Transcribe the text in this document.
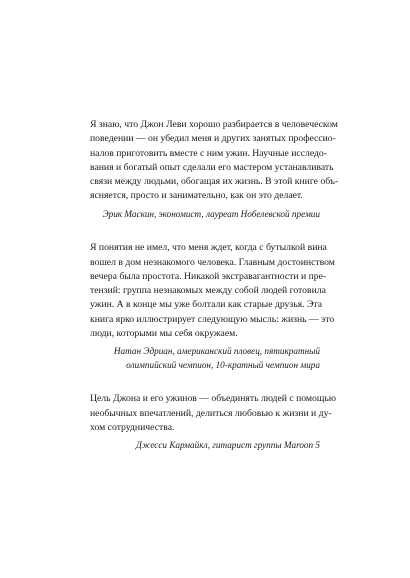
Я знаю, что Джон Леви хорошо разбирается в человеческом
поведении — он убедил меня и других занятых профессио-
налов приготовить вместе с ним ужин. Научные исследо-
вания и богатый опыт сделали его мастером устанавливать
связи между людьми, обогащая их жизнь. В этой книге объ-
ясняется, просто и занимательно, как он это делает.

Эрик Маскин, экономист, лауреат Нобелевской премии

Я понятия не имел, что меня ждет, когда с бутылкой вина
вошел в дом незнакомого человека. Главным достоинством
вечера была простота. Никакой экстравагантности и пре-
тензий: группа незнакомых между собой людей готовила
ужин. А в конце мы уже болтали как старые друзья. Эта
книга ярко иллюстрирует следующую мысль: жизнь — это
люди, которыми мы себя окружаем.

Натан Эдриан, американский пловец, пятикратный
олимпийский чемпион, 10-кратный чемпион мира

Цель Джона и его ужинов — объединять людей с помощью
необычных впечатлений, делиться любовью к жизни и ду-
хом сотрудничества.

Джесси Кармайкл, гитарист группы Maroon 5
